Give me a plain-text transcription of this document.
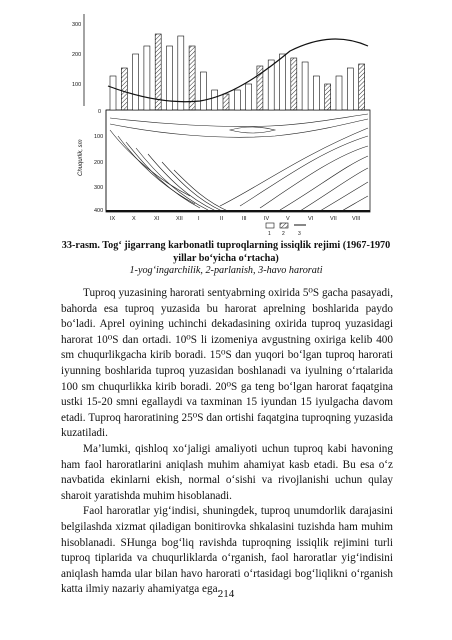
0
100
200
300
400
300
200
100
Chuqurlik, sm
IX	X	XI	XII	I	II	III	IV	V	VI	VII	VIII
1 2	3
33-rasm. Tog‘ jigarrang karbonatli tuproqlarning issiqlik rejimi (1967-1970
yillar bo‘yicha o‘rtacha)
1-yog‘ingarchilik, 2-parlanish, 3-havo harorati

Tuproq yuzasining harorati sentyabrning oxirida 5⁰S gacha pasayadi, bahorda esa tuproq yuzasida bu harorat aprelning boshlarida paydo bo‘ladi. Aprel oyining uchinchi dekadasining oxirida tuproq yuzasidagi harorat 10⁰S dan ortadi. 10⁰S li izomeniya avgustning oxiriga kelib 400 sm chuqurlikgacha kirib boradi. 15⁰S dan yuqori bo‘lgan tuproq harorati iyunning boshlarida tuproq yuzasidan boshlanadi va iyulning o‘rtalarida 100 sm chuqurlikka kirib boradi. 20⁰S ga teng bo‘lgan harorat faqatgina ustki 15-20 smni egallaydi va taxminan 15 iyundan 15 iyulgacha davom etadi. Tuproq haroratining 25⁰S dan ortishi faqatgina tuproqning yuzasida kuzatiladi.

Ma’lumki, qishloq xo‘jaligi amaliyoti uchun tuproq kabi havoning ham faol haroratlarini aniqlash muhim ahamiyat kasb etadi. Bu esa o‘z navbatida ekinlarni ekish, normal o‘sishi va rivojlanishi uchun qulay sharoit yaratishda muhim hisoblanadi.

Faol haroratlar yig‘indisi, shuningdek, tuproq unumdorlik darajasini belgilashda xizmat qiladigan bonitirovka shkalasini tuzishda ham muhim hisoblanadi. SHunga bog‘liq ravishda tuproqning issiqlik rejimini turli tuproq tiplarida va chuqurliklarda o‘rganish, faol haroratlar yig‘indisini aniqlash hamda ular bilan havo harorati o‘rtasidagi bog‘liqlikni o‘rganish katta ilmiy nazariy ahamiyatga ega.

214
